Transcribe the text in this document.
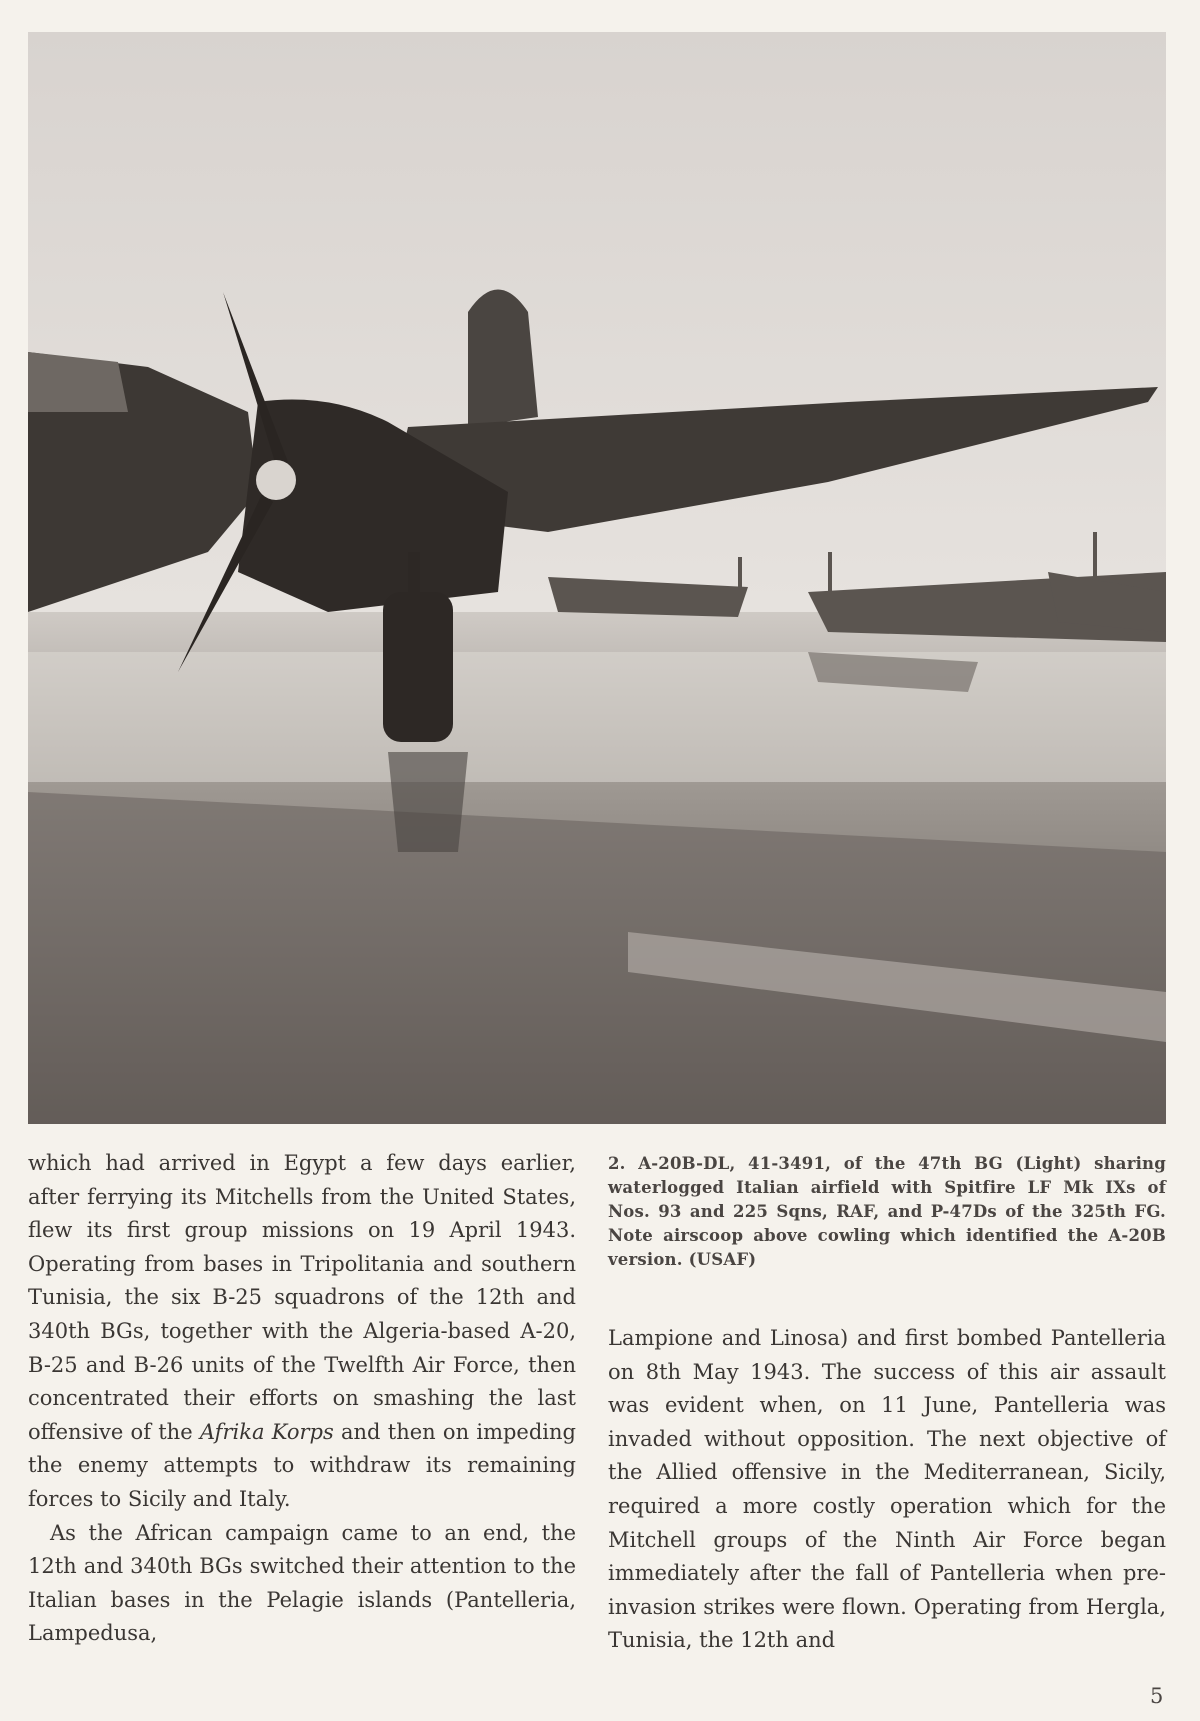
which had arrived in Egypt a few days earlier, after ferrying its Mitchells from the United States, flew its first group missions on 19 April 1943. Operating from bases in Tripolitania and southern Tunisia, the six B-25 squadrons of the 12th and 340th BGs, together with the Algeria-based A-20, B-25 and B-26 units of the Twelfth Air Force, then concentrated their efforts on smashing the last offensive of the Afrika Korps and then on impeding the enemy attempts to withdraw its remaining forces to Sicily and Italy.

As the African campaign came to an end, the 12th and 340th BGs switched their attention to the Italian bases in the Pelagie islands (Pantelleria, Lampedusa,

2. A-20B-DL, 41-3491, of the 47th BG (Light) sharing waterlogged Italian airfield with Spitfire LF Mk IXs of Nos. 93 and 225 Sqns, RAF, and P-47Ds of the 325th FG. Note airscoop above cowling which identified the A-20B version. (USAF)

Lampione and Linosa) and first bombed Pantelleria on 8th May 1943. The success of this air assault was evident when, on 11 June, Pantelleria was invaded without opposition. The next objective of the Allied offensive in the Mediterranean, Sicily, required a more costly operation which for the Mitchell groups of the Ninth Air Force began immediately after the fall of Pantelleria when pre-invasion strikes were flown. Operating from Hergla, Tunisia, the 12th and

5
